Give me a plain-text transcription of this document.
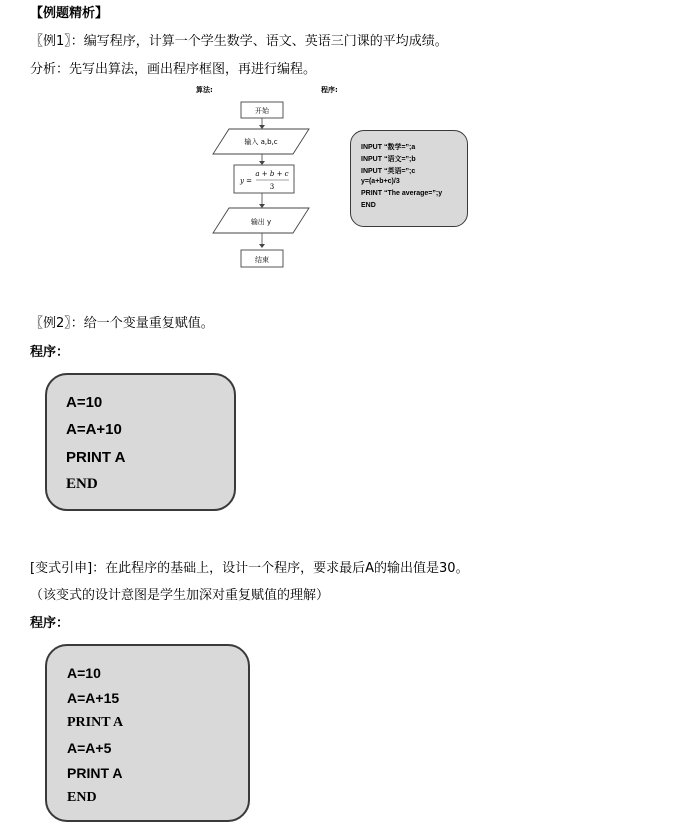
【例题精析】
〖例1〗：编写程序，计算一个学生数学、语文、英语三门课的平均成绩。
分析：先写出算法，画出程序框图，再进行编程。
算法:	程序:
开始
输入 a,b,c
y =
a + b + c
3
输出 y
结束
INPUT “数学=”;a
INPUT “语文=”;b
INPUT “英语=”;c
y=(a+b+c)/3
PRINT “The average=”;y
END
〖例2〗：给一个变量重复赋值。
程序：
A=10
A=A+10
PRINT A
END
[变式引申]：在此程序的基础上，设计一个程序，要求最后A的输出值是30。
（该变式的设计意图是学生加深对重复赋值的理解）
程序：
A=10
A=A+15
PRINT A
A=A+5
PRINT A
END
